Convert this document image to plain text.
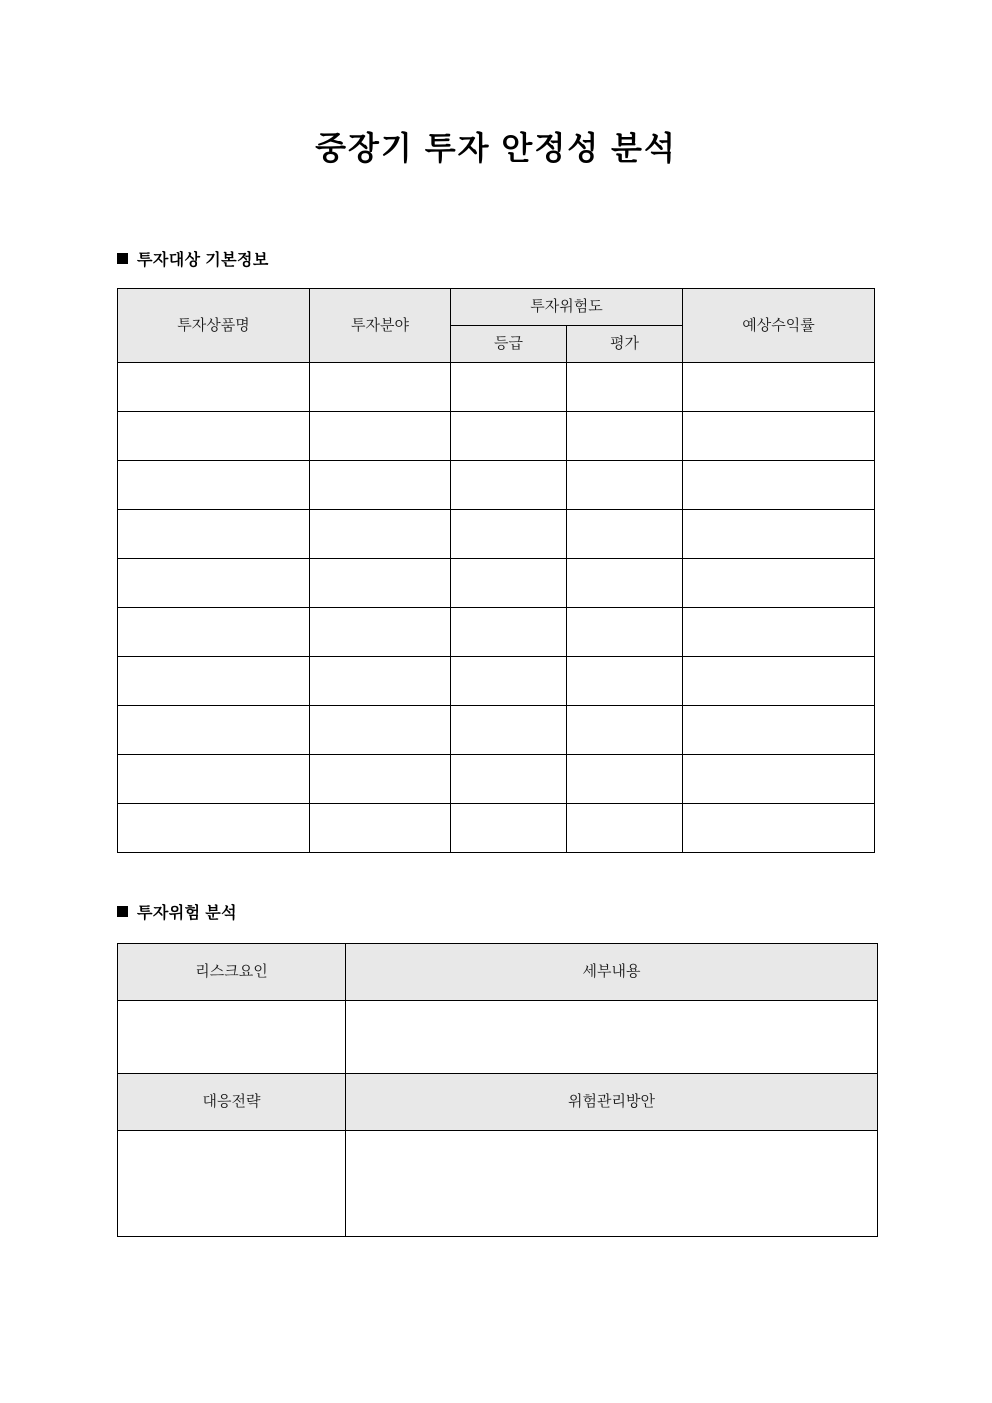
중장기 투자 안정성 분석
투자대상 기본정보
투자상품명	투자분야	투자위험도		예상수익률
		등급	평가	

투자위험 분석
리스크요인	세부내용

대응전략	위험관리방안
